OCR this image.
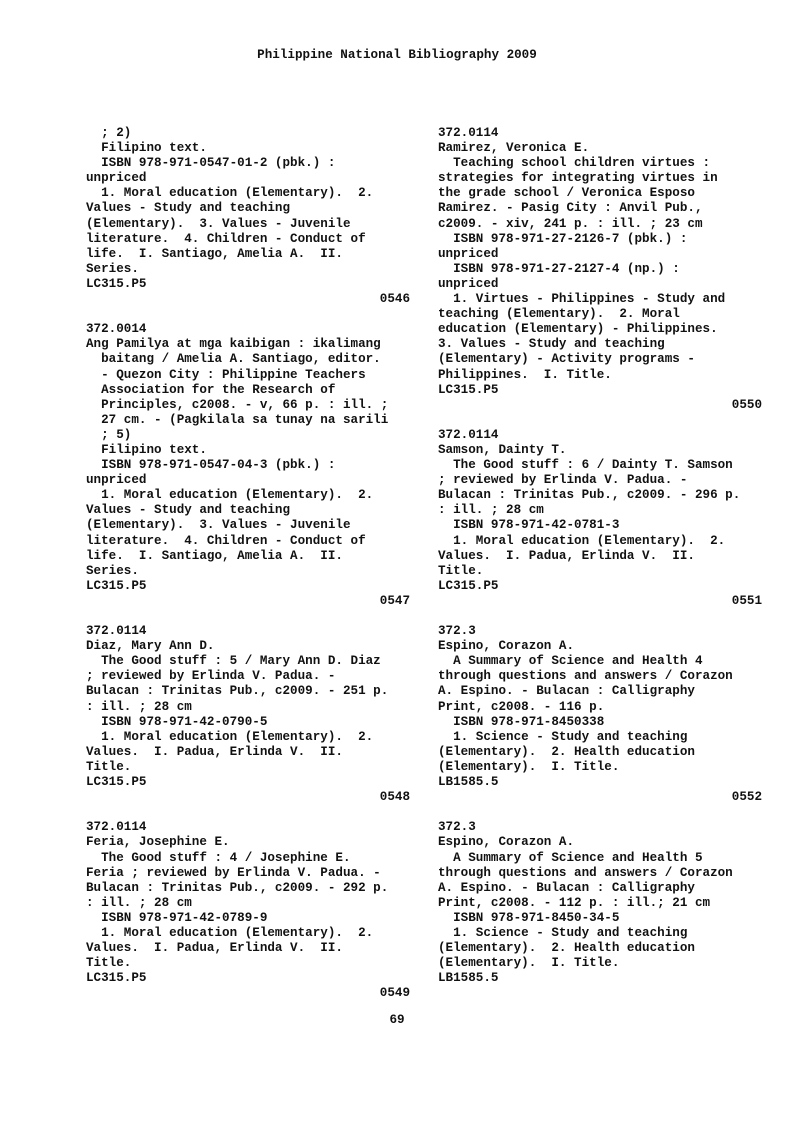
Philippine National Bibliography 2009
; 2)
Filipino text.
ISBN 978-971-0547-01-2 (pbk.) :
unpriced
1. Moral education (Elementary).  2.
Values - Study and teaching
(Elementary).  3. Values - Juvenile
literature.  4. Children - Conduct of
life.  I. Santiago, Amelia A.  II.
Series.
LC315.P5
0546
372.0014
Ang Pamilya at mga kaibigan : ikalimang
baitang / Amelia A. Santiago, editor.
- Quezon City : Philippine Teachers
Association for the Research of
Principles, c2008. - v, 66 p. : ill. ;
27 cm. - (Pagkilala sa tunay na sarili
; 5)
Filipino text.
ISBN 978-971-0547-04-3 (pbk.) :
unpriced
1. Moral education (Elementary).  2.
Values - Study and teaching
(Elementary).  3. Values - Juvenile
literature.  4. Children - Conduct of
life.  I. Santiago, Amelia A.  II.
Series.
LC315.P5
0547
372.0114
Diaz, Mary Ann D.
The Good stuff : 5 / Mary Ann D. Diaz
; reviewed by Erlinda V. Padua. -
Bulacan : Trinitas Pub., c2009. - 251 p.
: ill. ; 28 cm
ISBN 978-971-42-0790-5
1. Moral education (Elementary).  2.
Values.  I. Padua, Erlinda V.  II.
Title.
LC315.P5
0548
372.0114
Feria, Josephine E.
The Good stuff : 4 / Josephine E.
Feria ; reviewed by Erlinda V. Padua. -
Bulacan : Trinitas Pub., c2009. - 292 p.
: ill. ; 28 cm
ISBN 978-971-42-0789-9
1. Moral education (Elementary).  2.
Values.  I. Padua, Erlinda V.  II.
Title.
LC315.P5
0549
372.0114
Ramirez, Veronica E.
Teaching school children virtues :
strategies for integrating virtues in
the grade school / Veronica Esposo
Ramirez. - Pasig City : Anvil Pub.,
c2009. - xiv, 241 p. : ill. ; 23 cm
ISBN 978-971-27-2126-7 (pbk.) :
unpriced
ISBN 978-971-27-2127-4 (np.) :
unpriced
1. Virtues - Philippines - Study and
teaching (Elementary).  2. Moral
education (Elementary) - Philippines.
3. Values - Study and teaching
(Elementary) - Activity programs -
Philippines.  I. Title.
LC315.P5
0550
372.0114
Samson, Dainty T.
The Good stuff : 6 / Dainty T. Samson
; reviewed by Erlinda V. Padua. -
Bulacan : Trinitas Pub., c2009. - 296 p.
: ill. ; 28 cm
ISBN 978-971-42-0781-3
1. Moral education (Elementary).  2.
Values.  I. Padua, Erlinda V.  II.
Title.
LC315.P5
0551
372.3
Espino, Corazon A.
A Summary of Science and Health 4
through questions and answers / Corazon
A. Espino. - Bulacan : Calligraphy
Print, c2008. - 116 p.
ISBN 978-971-8450338
1. Science - Study and teaching
(Elementary).  2. Health education
(Elementary).  I. Title.
LB1585.5
0552
372.3
Espino, Corazon A.
A Summary of Science and Health 5
through questions and answers / Corazon
A. Espino. - Bulacan : Calligraphy
Print, c2008. - 112 p. : ill.; 21 cm
ISBN 978-971-8450-34-5
1. Science - Study and teaching
(Elementary).  2. Health education
(Elementary).  I. Title.
LB1585.5
69
